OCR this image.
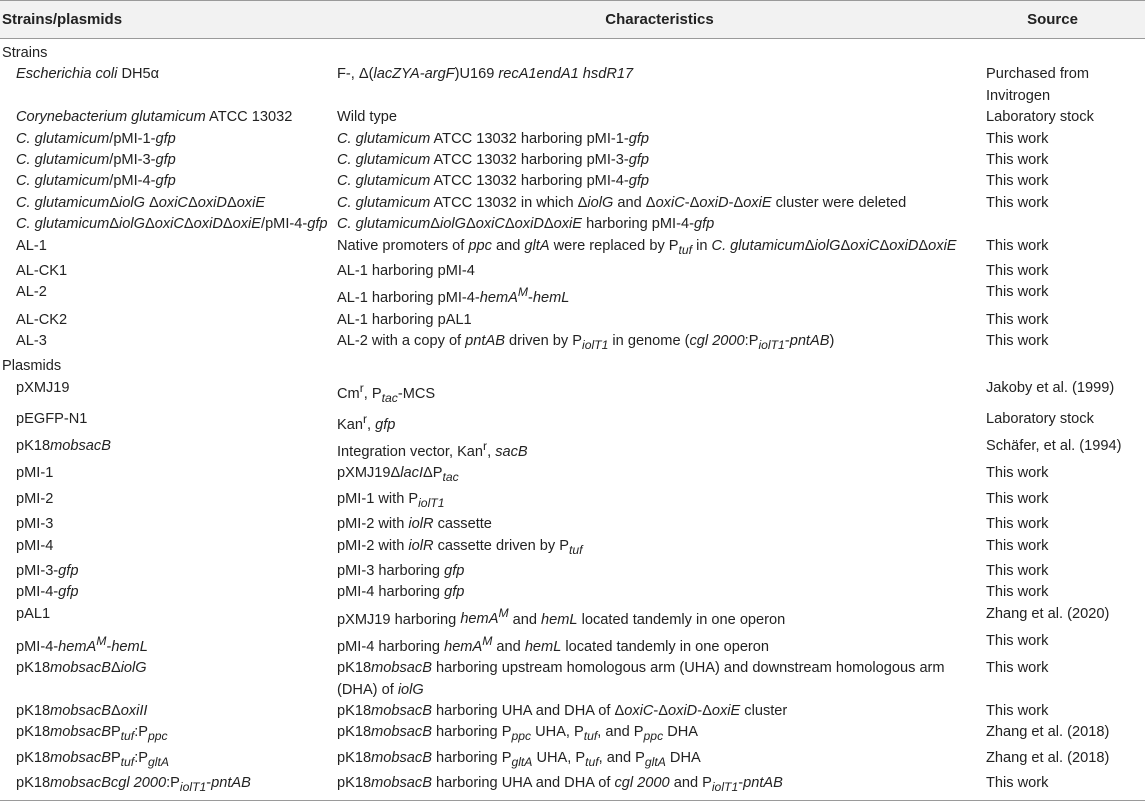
Strains/plasmids	Characteristics	Source
Strains		
Escherichia coli DH5α	F-, Δ(lacZYA-argF)U169 recA1endA1 hsdR17	Purchased from Invitrogen
Corynebacterium glutamicum ATCC 13032	Wild type	Laboratory stock
C. glutamicum/pMI-1-gfp	C. glutamicum ATCC 13032 harboring pMI-1-gfp	This work
C. glutamicum/pMI-3-gfp	C. glutamicum ATCC 13032 harboring pMI-3-gfp	This work
C. glutamicum/pMI-4-gfp	C. glutamicum ATCC 13032 harboring pMI-4-gfp	This work
C. glutamicumΔiolG ΔoxiCΔoxiDΔoxiE	C. glutamicum ATCC 13032 in which ΔiolG and ΔoxiC-ΔoxiD-ΔoxiE cluster were deleted	This work
C. glutamicumΔiolGΔoxiCΔoxiDΔoxiE/pMI-4-gfp	C. glutamicumΔiolGΔoxiCΔoxiDΔoxiE harboring pMI-4-gfp	
AL-1	Native promoters of ppc and gltA were replaced by $P_{tuf}$ in C. glutamicumΔiolGΔoxiCΔoxiDΔoxiE	This work
AL-CK1	AL-1 harboring pMI-4	This work
AL-2	AL-1 harboring pMI-4-hemA$^M$-hemL	This work
AL-CK2	AL-1 harboring pAL1	This work
AL-3	AL-2 with a copy of pntAB driven by $P_{iolT1}$ in genome (cgl $2000:P_{iolT1}-pntAB$)	This work
Plasmids		
pXMJ19	Cm$^r$, $P_{tac}$-MCS	Jakoby et al. (1999)
pEGFP-N1	Kan$^r$, gfp	Laboratory stock
pK18mobsacB	Integration vector, Kan$^r$, sacB	Schäfer, et al. (1994)
pMI-1	pXMJ19ΔlacIΔP$_{tac}$	This work
pMI-2	pMI-1 with $P_{iolT1}$	This work
pMI-3	pMI-2 with iolR cassette	This work
pMI-4	pMI-2 with iolR cassette driven by $P_{tuf}$	This work
pMI-3-gfp	pMI-3 harboring gfp	This work
pMI-4-gfp	pMI-4 harboring gfp	This work
pAL1	pXMJ19 harboring hemA$^M$ and hemL located tandemly in one operon	Zhang et al. (2020)
pMI-4-hemA$^M$-hemL	pMI-4 harboring hemA$^M$ and hemL located tandemly in one operon	This work
pK18mobsacBΔiolG	pK18mobsacB harboring upstream homologous arm (UHA) and downstream homologous arm (DHA) of iolG	This work
pK18mobsacBΔoxiII	pK18mobsacB harboring UHA and DHA of ΔoxiC-ΔoxiD-ΔoxiE cluster	This work
$pK18mobsacBP_{tuf}:P_{ppc}$	pK18mobsacB harboring $P_{ppc}$ UHA, $P_{tuf}$, and $P_{ppc}$ DHA	Zhang et al. (2018)
$pK18mobsacBP_{tuf}:P_{gltA}$	pK18mobsacB harboring $P_{gltA}$ UHA, $P_{tuf}$, and $P_{gltA}$ DHA	Zhang et al. (2018)
pK18mobsacBcgl $2000:P_{iolT1}$-pntAB	pK18mobsacB harboring UHA and DHA of cgl 2000 and $P_{iolT1}$-pntAB	This work
